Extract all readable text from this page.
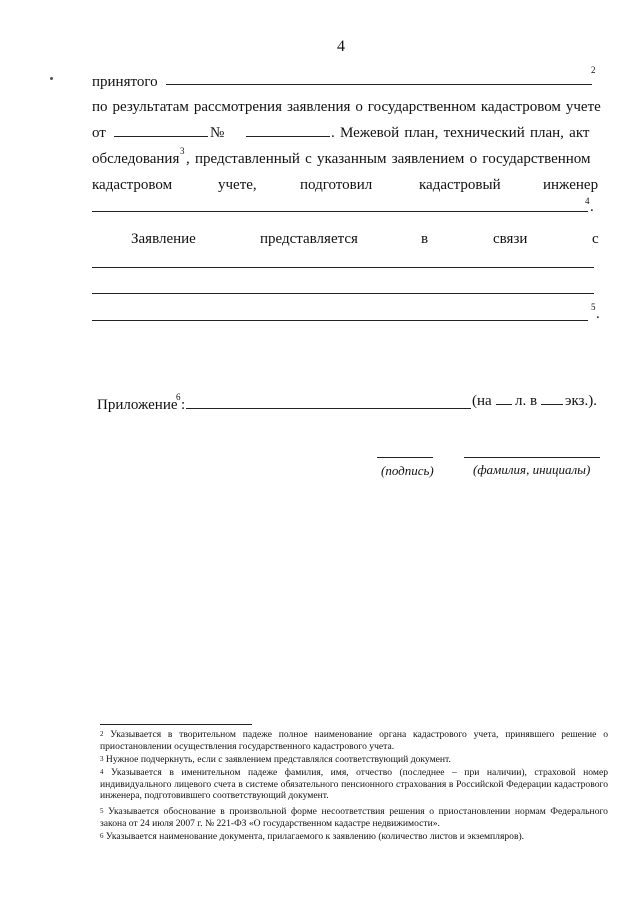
4
принятого
2
по результатам рассмотрения заявления о государственном кадастровом учете
от	№	. Межевой план, технический план, акт
обследования 3 , представленный с указанным заявлением о государственном
кадастровом	учете,	подготовил	кадастровый	инженер
4 .
Заявление	представляется	в	связи	с
5 .
Приложение
6 :	(на л. в экз.).
(подпись)	(фамилия, инициалы)
$^2$ Указывается в творительном падеже полное наименование органа кадастрового учета, принявшего решение о приостановлении осуществления государственного кадастрового учета.
$^3$ Нужное подчеркнуть, если с заявлением представлялся соответствующий документ.
$^4$ Указывается в именительном падеже фамилия, имя, отчество (последнее – при наличии), страховой номер индивидуального лицевого счета в системе обязательного пенсионного страхования в Российской Федерации кадастрового инженера, подготовившего соответствующий документ.
$^5$ Указывается обоснование в произвольной форме несоответствия решения о приостановлении нормам Федерального закона от 24 июля 2007 г. № 221-ФЗ «О государственном кадастре недвижимости».
$^6$ Указывается наименование документа, прилагаемого к заявлению (количество листов и экземпляров).
